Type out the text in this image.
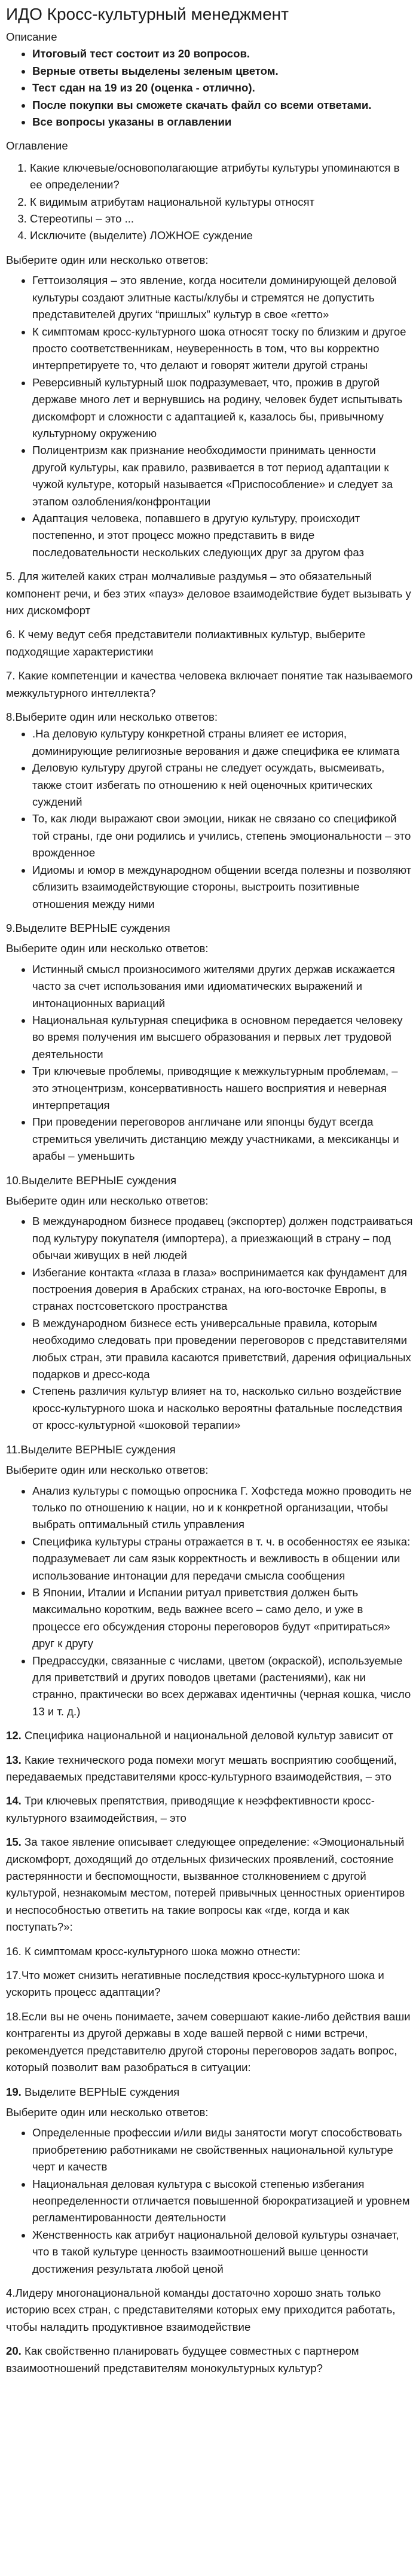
ИДО Кросс-культурный менеджмент

Описание

• Итоговый тест состоит из 20 вопросов.
• Верные ответы выделены зеленым цветом.
• Тест сдан на 19 из 20 (оценка - отлично).
• После покупки вы сможете скачать файл со всеми ответами.
• Все вопросы указаны в оглавлении

Оглавление

1. Какие ключевые/основополагающие атрибуты культуры упоминаются в ее определении?
2. К видимым атрибутам национальной культуры относят
3. Стереотипы – это ...
4. Исключите (выделите) ЛОЖНОЕ суждение

Выберите один или несколько ответов:

• Геттоизоляция – это явление, когда носители доминирующей деловой культуры создают элитные касты/клубы и стремятся не допустить представителей других “пришлых” культур в свое «гетто»
• К симптомам кросс-культурного шока относят тоску по близким и другое просто соответственникам, неуверенность в том, что вы корректно интерпретируете то, что делают и говорят жители другой страны
• Реверсивный культурный шок подразумевает, что, прожив в другой державе много лет и вернувшись на родину, человек будет испытывать дискомфорт и сложности с адаптацией к, казалось бы, привычному культурному окружению
• Полицентризм как признание необходимости принимать ценности другой культуры, как правило, развивается в тот период адаптации к чужой культуре, который называется «Приспособление» и следует за этапом озлобления/конфронтации
• Адаптация человека, попавшего в другую культуру, происходит постепенно, и этот процесс можно представить в виде последовательности нескольких следующих друг за другом фаз

5. Для жителей каких стран молчаливые раздумья – это обязательный компонент речи, и без этих «пауз» деловое взаимодействие будет вызывать у них дискомфорт

6. К чему ведут себя представители полиактивных культур, выберите подходящие характеристики

7. Какие компетенции и качества человека включает понятие так называемого межкультурного интеллекта?

8.Выберите один или несколько ответов:

• .На деловую культуру конкретной страны влияет ее история, доминирующие религиозные верования и даже специфика ее климата
• Деловую культуру другой страны не следует осуждать, высмеивать, также стоит избегать по отношению к ней оценочных критических суждений
• То, как люди выражают свои эмоции, никак не связано со спецификой той страны, где они родились и учились, степень эмоциональности – это врожденное
• Идиомы и юмор в международном общении всегда полезны и позволяют сблизить взаимодействующие стороны, выстроить позитивные отношения между ними

9.Выделите ВЕРНЫЕ суждения

Выберите один или несколько ответов:

• Истинный смысл произносимого жителями других держав искажается часто за счет использования ими идиоматических выражений и интонационных вариаций
• Национальная культурная специфика в основном передается человеку во время получения им высшего образования и первых лет трудовой деятельности
• Три ключевые проблемы, приводящие к межкультурным проблемам, – это этноцентризм, консервативность нашего восприятия и неверная интерпретация
• При проведении переговоров англичане или японцы будут всегда стремиться увеличить дистанцию между участниками, а мексиканцы и арабы – уменьшить

10.Выделите ВЕРНЫЕ суждения

Выберите один или несколько ответов:

• В международном бизнесе продавец (экспортер) должен подстраиваться под культуру покупателя (импортера), а приезжающий в страну – под обычаи живущих в ней людей
• Избегание контакта «глаза в глаза» воспринимается как фундамент для построения доверия в Арабских странах, на юго-восточке Европы, в странах постсоветского пространства
• В международном бизнесе есть универсальные правила, которым необходимо следовать при проведении переговоров с представителями любых стран, эти правила касаются приветствий, дарения официальных подарков и дресс-кода
• Степень различия культур влияет на то, насколько сильно воздействие кросс-культурного шока и насколько вероятны фатальные последствия от кросс-культурной «шоковой терапии»

11.Выделите ВЕРНЫЕ суждения

Выберите один или несколько ответов:

• Анализ культуры с помощью опросника Г. Хофстеда можно проводить не только по отношению к нации, но и к конкретной организации, чтобы выбрать оптимальный стиль управления
• Специфика культуры страны отражается в т. ч. в особенностях ее языка: подразумевает ли сам язык корректность и вежливость в общении или использование интонации для передачи смысла сообщения
• В Японии, Италии и Испании ритуал приветствия должен быть максимально коротким, ведь важнее всего – само дело, и уже в процессе его обсуждения стороны переговоров будут «притираться» друг к другу
• Предрассудки, связанные с числами, цветом (окраской), используемые для приветствий и других поводов цветами (растениями), как ни странно, практически во всех державах идентичны (черная кошка, число 13 и т. д.)

12. Специфика национальной и национальной деловой культур зависит от

13. Какие технического рода помехи могут мешать восприятию сообщений, передаваемых представителями кросс-культурного взаимодействия, – это

14. Три ключевых препятствия, приводящие к неэффективности кросс-культурного взаимодействия, – это

15. За такое явление описывает следующее определение: «Эмоциональный дискомфорт, доходящий до отдельных физических проявлений, состояние растерянности и беспомощности, вызванное столкновением с другой культурой, незнакомым местом, потерей привычных ценностных ориентиров и неспособностью ответить на такие вопросы как «где, когда и как поступать?»:

16. К симптомам кросс-культурного шока можно отнести:

17.Что может снизить негативные последствия кросс-культурного шока и ускорить процесс адаптации?

18.Если вы не очень понимаете, зачем совершают какие-либо действия ваши контрагенты из другой державы в ходе вашей первой с ними встречи, рекомендуется представителю другой стороны переговоров задать вопрос, который позволит вам разобраться в ситуации:

19. Выделите ВЕРНЫЕ суждения

Выберите один или несколько ответов:

• Определенные профессии и/или виды занятости могут способствовать приобретению работниками не свойственных национальной культуре черт и качеств
• Национальная деловая культура с высокой степенью избегания неопределенности отличается повышенной бюрократизацией и уровнем регламентированности деятельности
• Женственность как атрибут национальной деловой культуры означает, что в такой культуре ценность взаимоотношений выше ценности достижения результата любой ценой

4.Лидеру многонациональной команды достаточно хорошо знать только историю всех стран, с представителями которых ему приходится работать, чтобы наладить продуктивное взаимодействие

20. Как свойственно планировать будущее совместных с партнером взаимоотношений представителям монокультурных культур?
